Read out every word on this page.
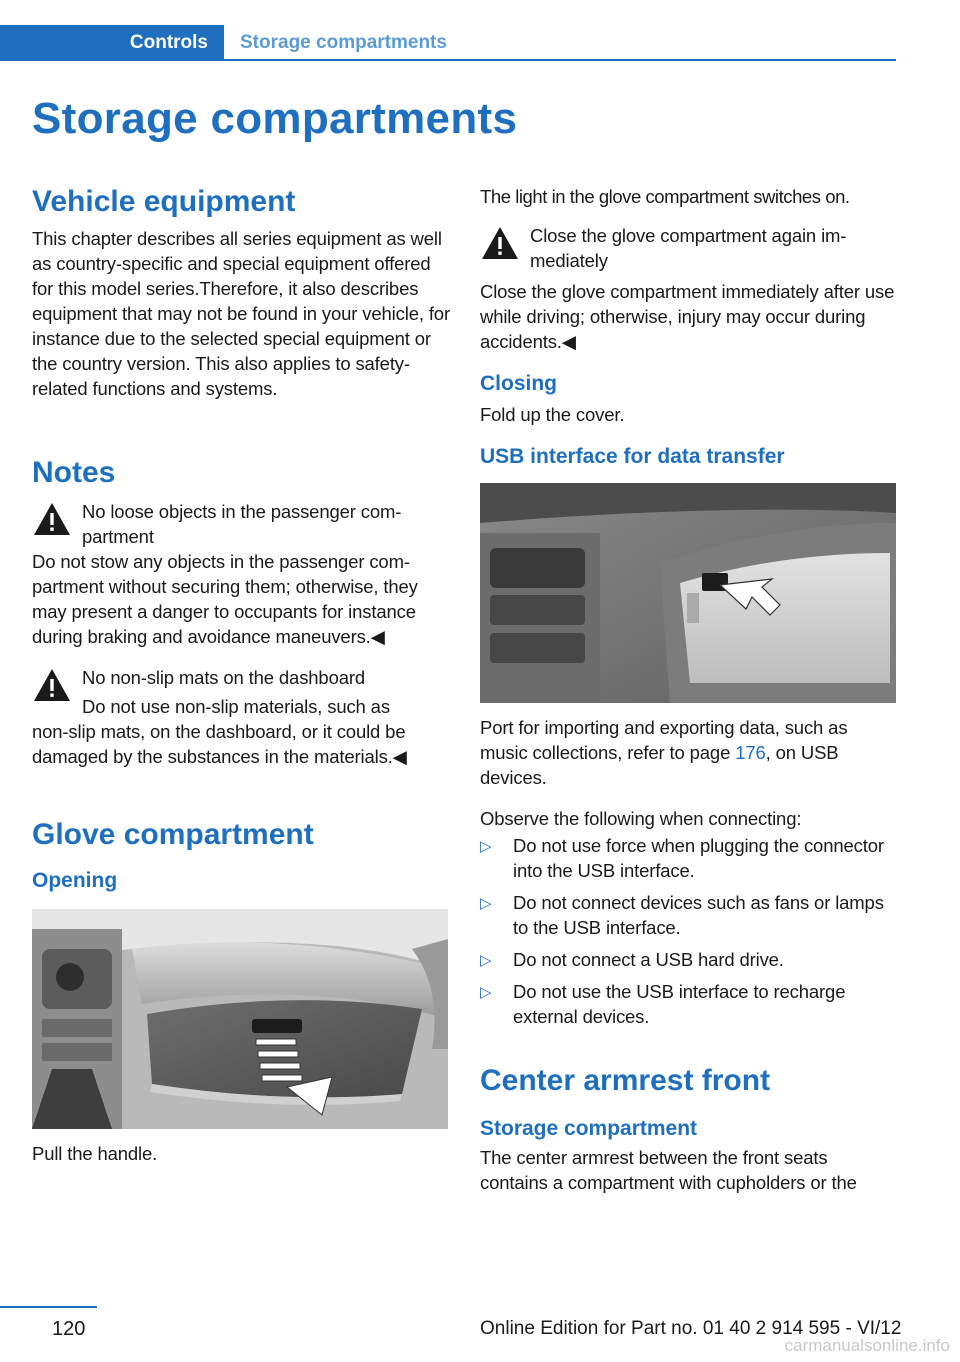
Controls Storage compartments
Storage compartments
Vehicle equipment

This chapter describes all series equipment as well as country-specific and special equipment offered for this model series.Therefore, it also describes equipment that may not be found in your vehicle, for instance due to the selected special equipment or the country version. This also applies to safety-related functions and systems.

Notes
No loose objects in the passenger compartment

Do not stow any objects in the passenger compartment without securing them; otherwise, they may present a danger to occupants for instance during braking and avoidance maneuvers.◀

No non-slip mats on the dashboard
Do not use non-slip materials, such as

non-slip mats, on the dashboard, or it could be damaged by the substances in the materials.◀

Glove compartment
Opening

Pull the handle.

The light in the glove compartment switches on.

Close the glove compartment again immediately

Close the glove compartment immediately after use while driving; otherwise, injury may occur during accidents.◀

Closing

Fold up the cover.

USB interface for data transfer

Port for importing and exporting data, such as music collections, refer to page 176, on USB devices.

Observe the following when connecting:

▷ Do not use force when plugging the connector into the USB interface.
▷ Do not connect devices such as fans or lamps to the USB interface.
▷ Do not connect a USB hard drive.
▷ Do not use the USB interface to recharge external devices.
Center armrest front
Storage compartment

The center armrest between the front seats contains a compartment with cupholders or the

120	Online Edition for Part no. 01 40 2 914 595 - VI/12
carmanualsonline.info
